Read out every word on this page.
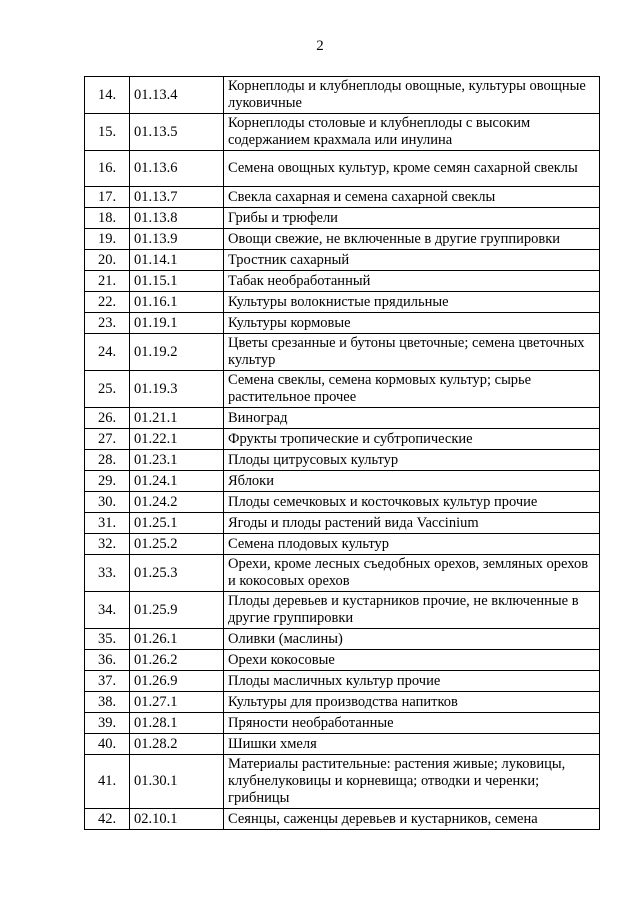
2
14.	01.13.4	Корнеплоды и клубнеплоды овощные, культуры овощные луковичные
15.	01.13.5	Корнеплоды столовые и клубнеплоды с высоким содержанием крахмала или инулина
16.	01.13.6	Семена овощных культур, кроме семян сахарной свеклы
17.	01.13.7	Свекла сахарная и семена сахарной свеклы
18.	01.13.8	Грибы и трюфели
19.	01.13.9	Овощи свежие, не включенные в другие группировки
20.	01.14.1	Тростник сахарный
21.	01.15.1	Табак необработанный
22.	01.16.1	Культуры волокнистые прядильные
23.	01.19.1	Культуры кормовые
24.	01.19.2	Цветы срезанные и бутоны цветочные; семена цветочных культур
25.	01.19.3	Семена свеклы, семена кормовых культур; сырье растительное прочее
26.	01.21.1	Виноград
27.	01.22.1	Фрукты тропические и субтропические
28.	01.23.1	Плоды цитрусовых культур
29.	01.24.1	Яблоки
30.	01.24.2	Плоды семечковых и косточковых культур прочие
31.	01.25.1	Ягоды и плоды растений вида Vaccinium
32.	01.25.2	Семена плодовых культур
33.	01.25.3	Орехи, кроме лесных съедобных орехов, земляных орехов и кокосовых орехов
34.	01.25.9	Плоды деревьев и кустарников прочие, не включенные в другие группировки
35.	01.26.1	Оливки (маслины)
36.	01.26.2	Орехи кокосовые
37.	01.26.9	Плоды масличных культур прочие
38.	01.27.1	Культуры для производства напитков
39.	01.28.1	Пряности необработанные
40.	01.28.2	Шишки хмеля
41.	01.30.1	Материалы растительные: растения живые; луковицы, клубнелуковицы и корневища; отводки и черенки; грибницы
42.	02.10.1	Сеянцы, саженцы деревьев и кустарников, семена
